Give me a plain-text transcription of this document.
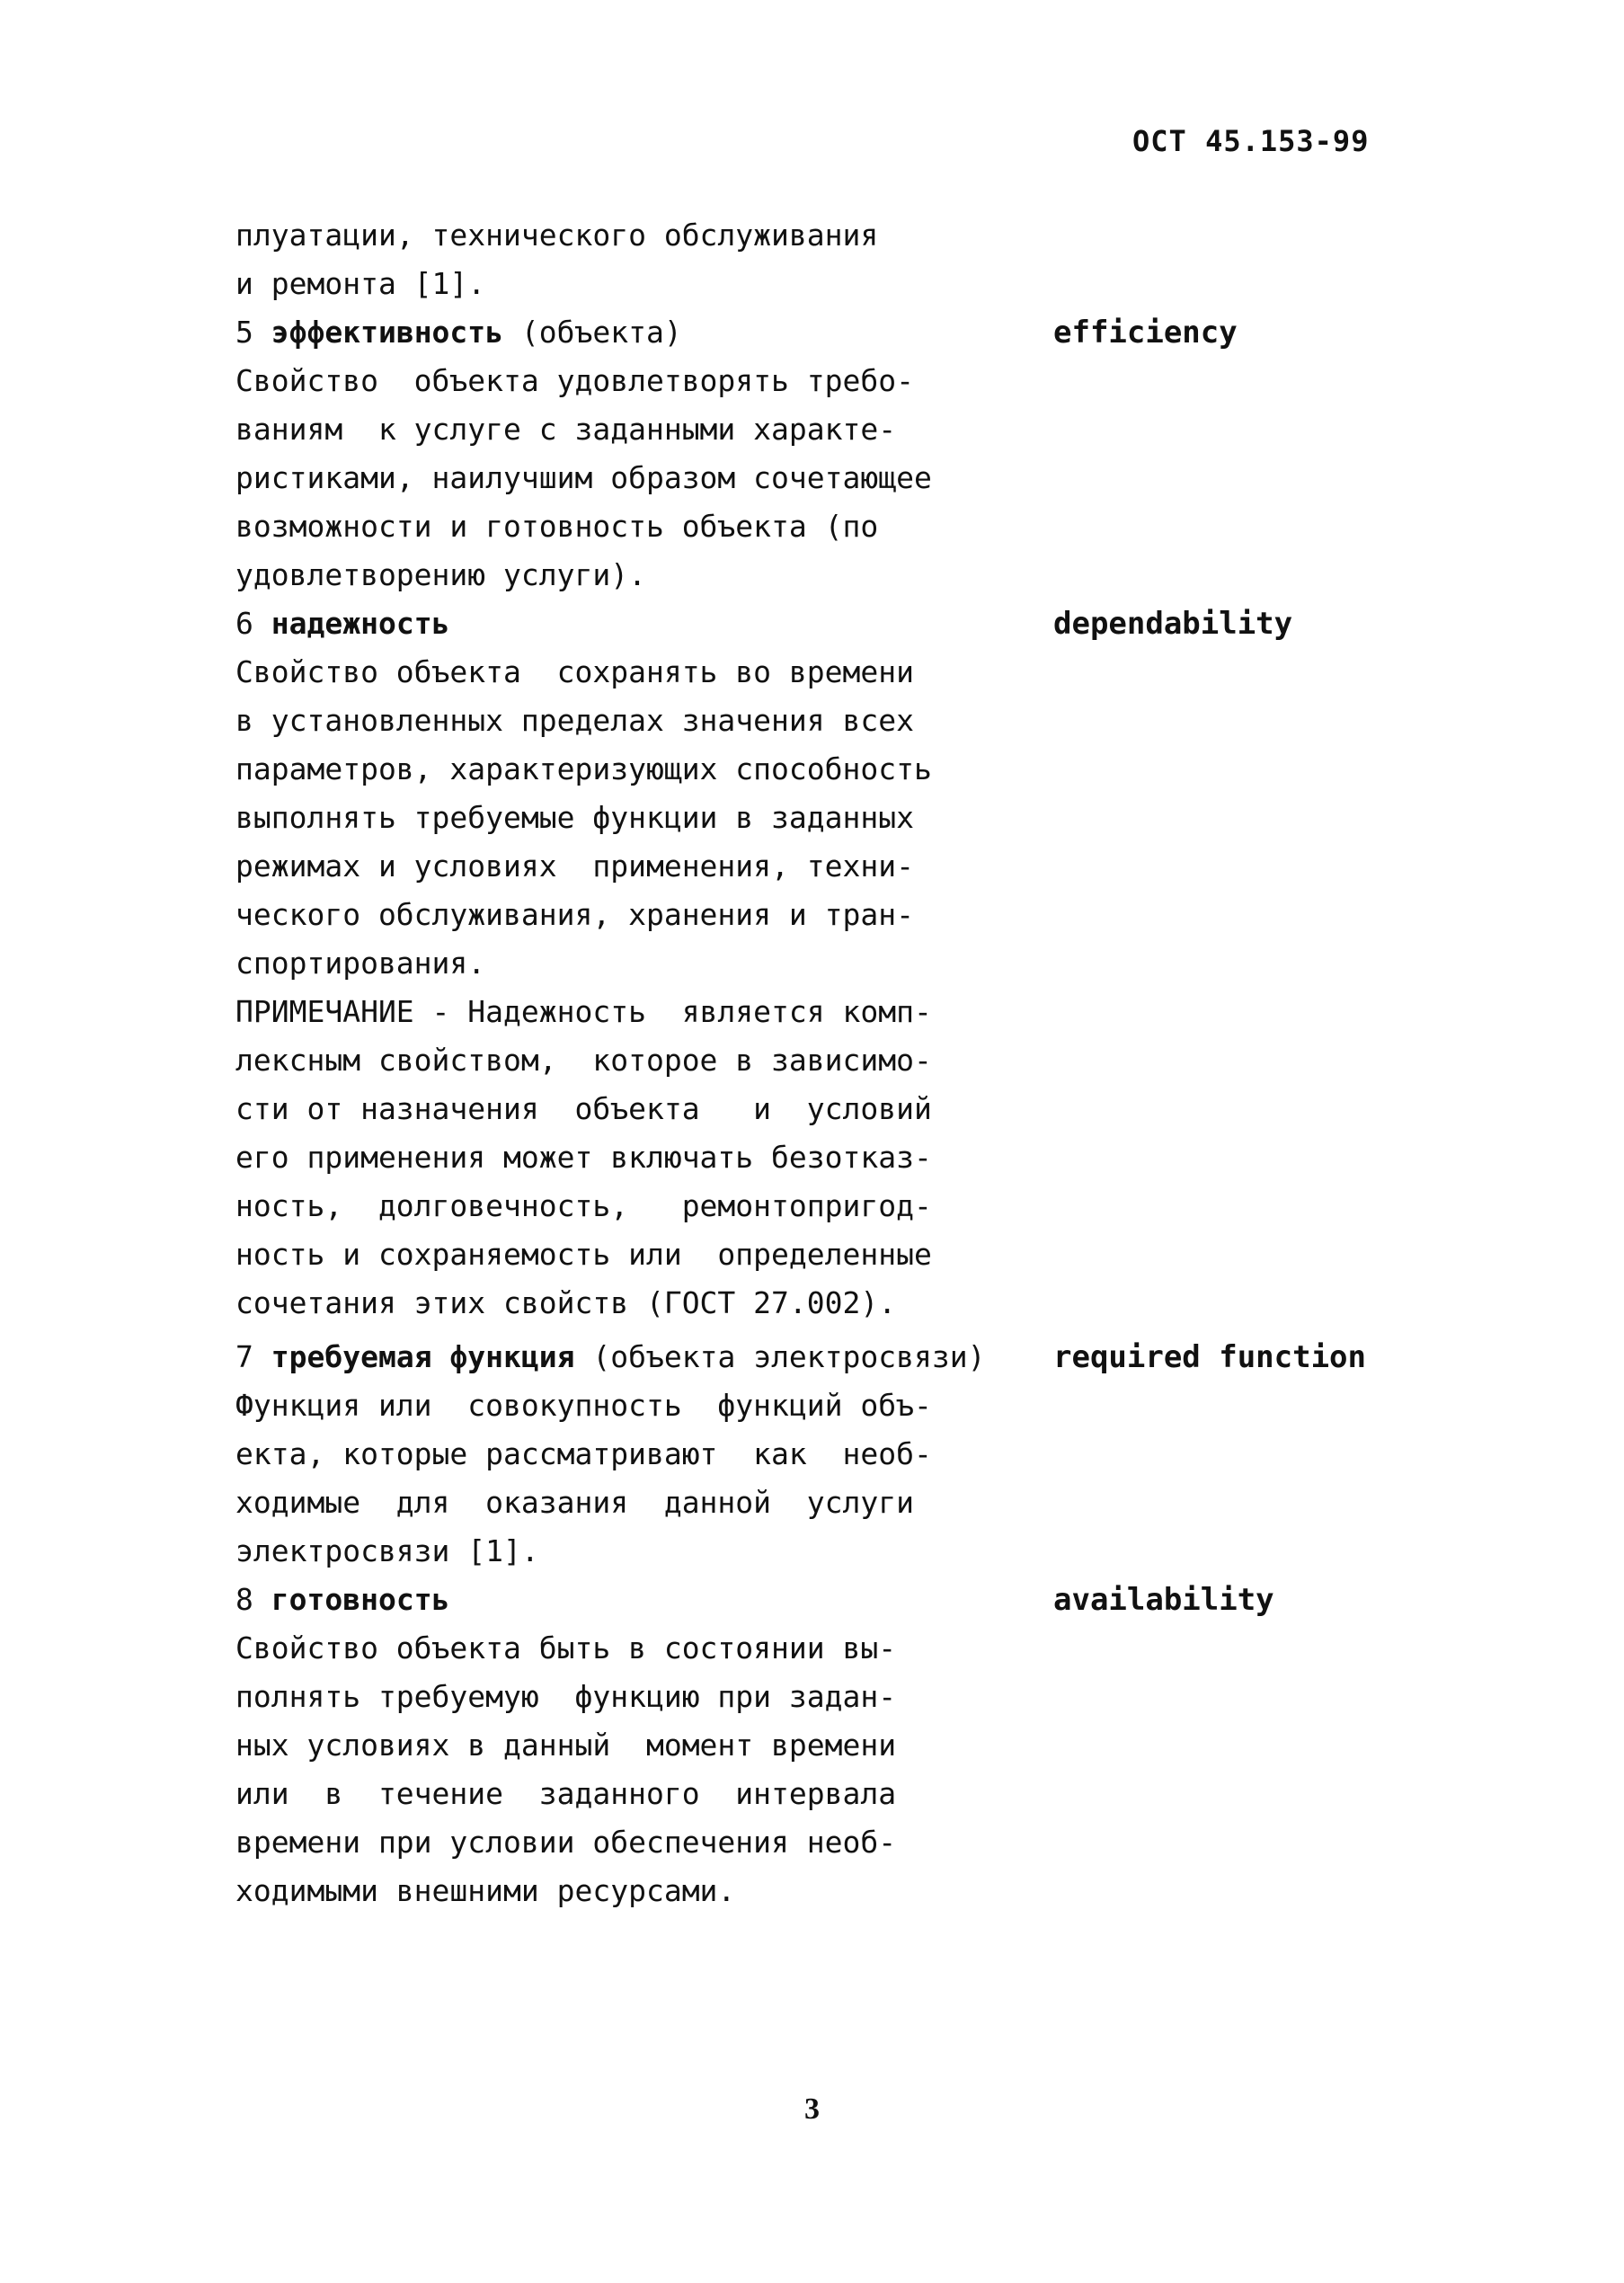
ОСТ 45.153-99
плуатации, технического обслуживания
и ремонта [1].
5 эффективность (объекта)	efficiency
Свойство  объекта удовлетворять требо-
ваниям  к услуге с заданными характе-
ристиками, наилучшим образом сочетающее
возможности и готовность объекта (по
удовлетворению услуги).
6 надежность	dependability
Свойство объекта  сохранять во времени
в установленных пределах значения всех
параметров, характеризующих способность
выполнять требуемые функции в заданных
режимах и условиях  применения, техни-
ческого обслуживания, хранения и тран-
спортирования.
ПРИМЕЧАНИЕ - Надежность  является комп-
лексным свойством,  которое в зависимо-
сти от назначения  объекта   и  условий
его применения может включать безотказ-
ность,  долговечность,   ремонтопригод-
ность и сохраняемость или  определенные
сочетания этих свойств (ГОСТ 27.002).
7 требуемая функция (объекта электросвязи) required function
Функция или  совокупность  функций объ-
екта, которые рассматривают  как  необ-
ходимые  для  оказания  данной  услуги
электросвязи [1].
8 готовность	availability
Свойство объекта быть в состоянии вы-
полнять требуемую  функцию при задан-
ных условиях в данный  момент времени
или  в  течение  заданного  интервала
времени при условии обеспечения необ-
ходимыми внешними ресурсами.
3
